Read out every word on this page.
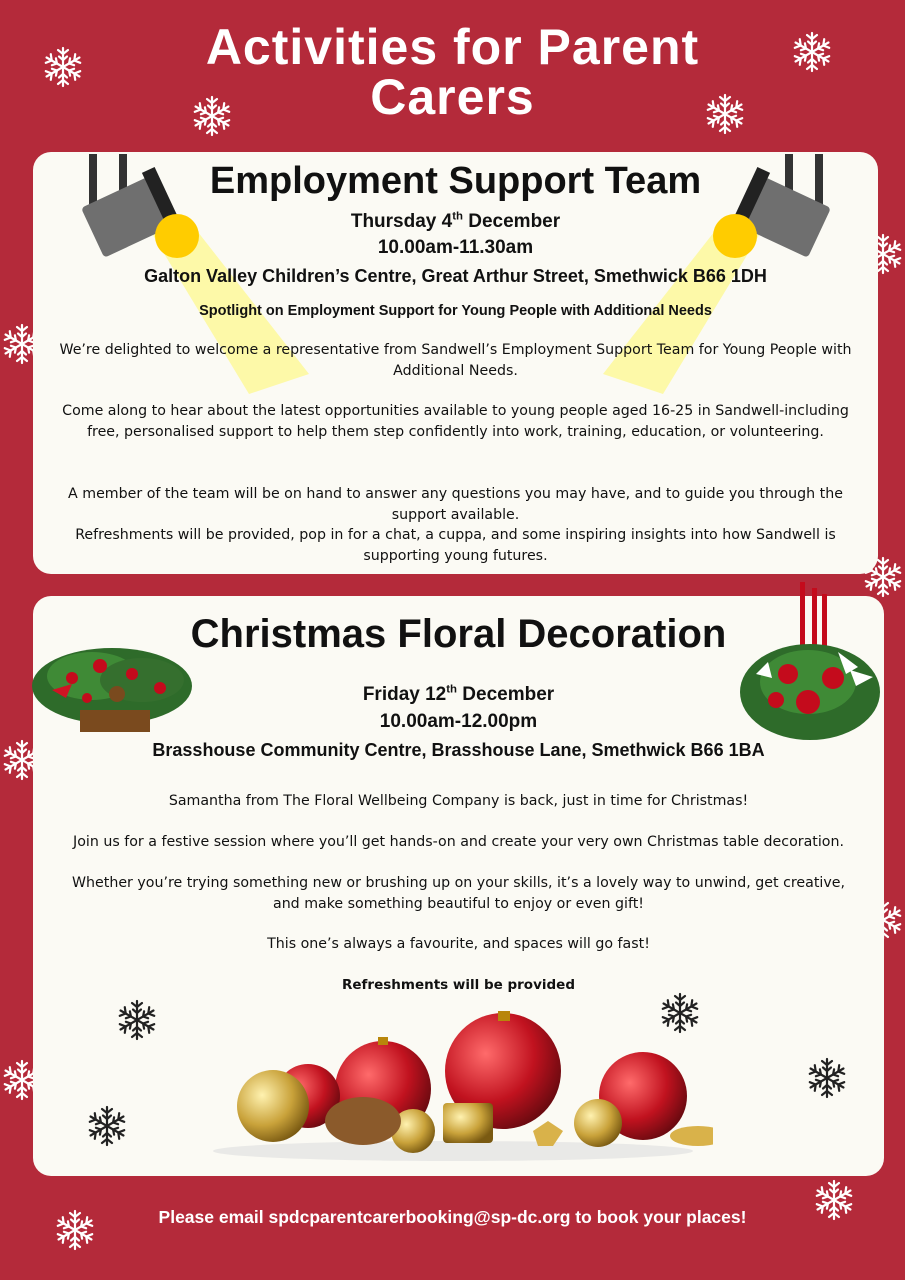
Activities for Parent
Carers
Employment Support Team
Thursday 4th December
10.00am-11.30am
Galton Valley Children’s Centre, Great Arthur Street, Smethwick B66 1DH
Spotlight on Employment Support for Young People with Additional Needs
We’re delighted to welcome a representative from Sandwell’s Employment Support Team for Young People with Additional Needs.
Come along to hear about the latest opportunities available to young people aged 16-25 in Sandwell-including free, personalised support to help them step confidently into work, training, education, or volunteering.
A member of the team will be on hand to answer any questions you may have, and to guide you through the support available.
Refreshments will be provided, pop in for a chat, a cuppa, and some inspiring insights into how Sandwell is supporting young futures.
Christmas Floral Decoration
Friday 12th December
10.00am-12.00pm
Brasshouse Community Centre, Brasshouse Lane, Smethwick B66 1BA
Samantha from The Floral Wellbeing Company is back, just in time for Christmas!
Join us for a festive session where you’ll get hands-on and create your very own Christmas table decoration.
Whether you’re trying something new or brushing up on your skills, it’s a lovely way to unwind, get creative, and make something beautiful to enjoy or even gift!
This one’s always a favourite, and spaces will go fast!
Refreshments will be provided
Please email spdcparentcarerbooking@sp-dc.org to book your places!
